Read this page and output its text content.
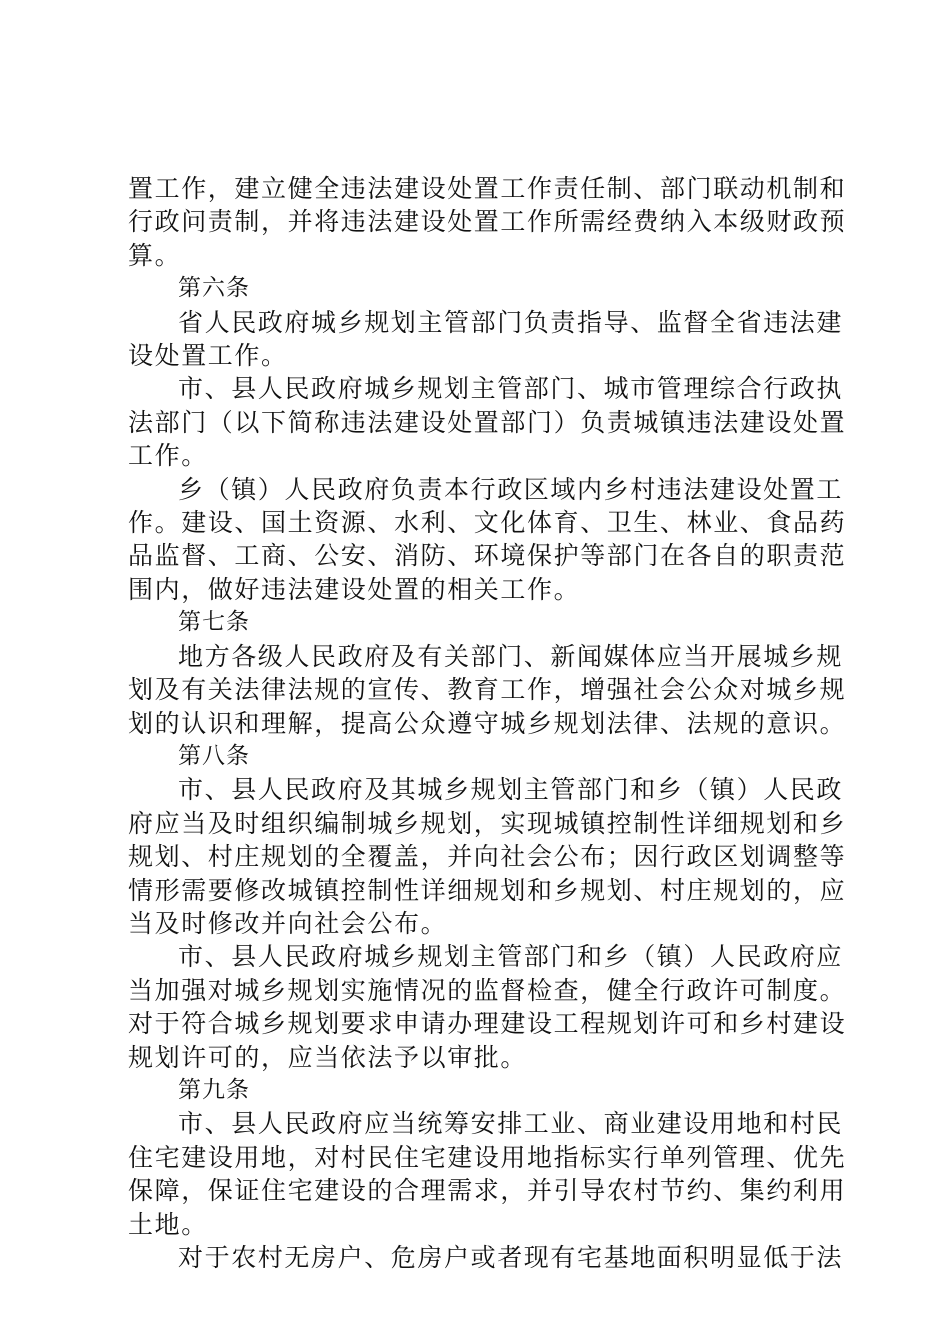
置工作，建立健全违法建设处置工作责任制、部门联动机制和
行政问责制，并将违法建设处置工作所需经费纳入本级财政预
算。
第六条
省人民政府城乡规划主管部门负责指导、监督全省违法建
设处置工作。
市、县人民政府城乡规划主管部门、城市管理综合行政执
法部门（以下简称违法建设处置部门）负责城镇违法建设处置
工作。
乡（镇）人民政府负责本行政区域内乡村违法建设处置工
作。建设、国土资源、水利、文化体育、卫生、林业、食品药
品监督、工商、公安、消防、环境保护等部门在各自的职责范
围内，做好违法建设处置的相关工作。
第七条
地方各级人民政府及有关部门、新闻媒体应当开展城乡规
划及有关法律法规的宣传、教育工作，增强社会公众对城乡规
划的认识和理解，提高公众遵守城乡规划法律、法规的意识。
第八条
市、县人民政府及其城乡规划主管部门和乡（镇）人民政
府应当及时组织编制城乡规划，实现城镇控制性详细规划和乡
规划、村庄规划的全覆盖，并向社会公布；因行政区划调整等
情形需要修改城镇控制性详细规划和乡规划、村庄规划的，应
当及时修改并向社会公布。
市、县人民政府城乡规划主管部门和乡（镇）人民政府应
当加强对城乡规划实施情况的监督检查，健全行政许可制度。
对于符合城乡规划要求申请办理建设工程规划许可和乡村建设
规划许可的，应当依法予以审批。
第九条
市、县人民政府应当统筹安排工业、商业建设用地和村民
住宅建设用地，对村民住宅建设用地指标实行单列管理、优先
保障，保证住宅建设的合理需求，并引导农村节约、集约利用
土地。
对于农村无房户、危房户或者现有宅基地面积明显低于法
